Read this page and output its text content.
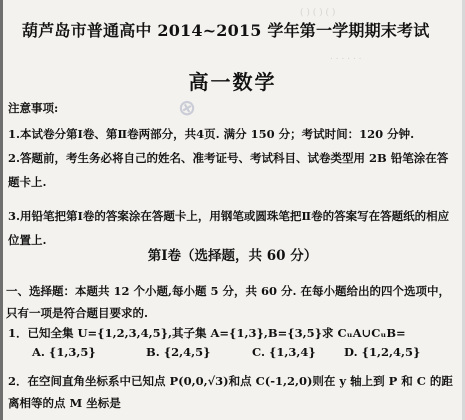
( ) ( ) ( )
. . . . . .
葫芦岛市普通高中 2014~2015 学年第一学期期末考试
高一数学
⊕
注意事项:
1.本试卷分第Ⅰ卷、第Ⅱ卷两部分，共4页. 满分 150 分；考试时间：120 分钟.
2.答题前，考生务必将自己的姓名、准考证号、考试科目、试卷类型用 2B 铅笔涂在答题卡上.
3.用铅笔把第Ⅰ卷的答案涂在答题卡上，用钢笔或圆珠笔把Ⅱ卷的答案写在答题纸的相应位置上.
第Ⅰ卷（选择题，共 60 分）
一、选择题：本题共 12 个小题,每小题 5 分，共 60 分. 在每小题给出的四个选项中，只有一项是符合题目要求的.
1．已知全集 U={1,2,3,4,5},其子集 A={1,3},B={3,5}求 CᵤA∪CᵤB=
A. {1,3,5}	B. {2,4,5}	C. {1,3,4} D. {1,2,4,5}
2．在空间直角坐标系中已知点 P(0,0,√3)和点 C(-1,2,0)则在 y 轴上到 P 和 C 的距离相等的点 M 坐标是
